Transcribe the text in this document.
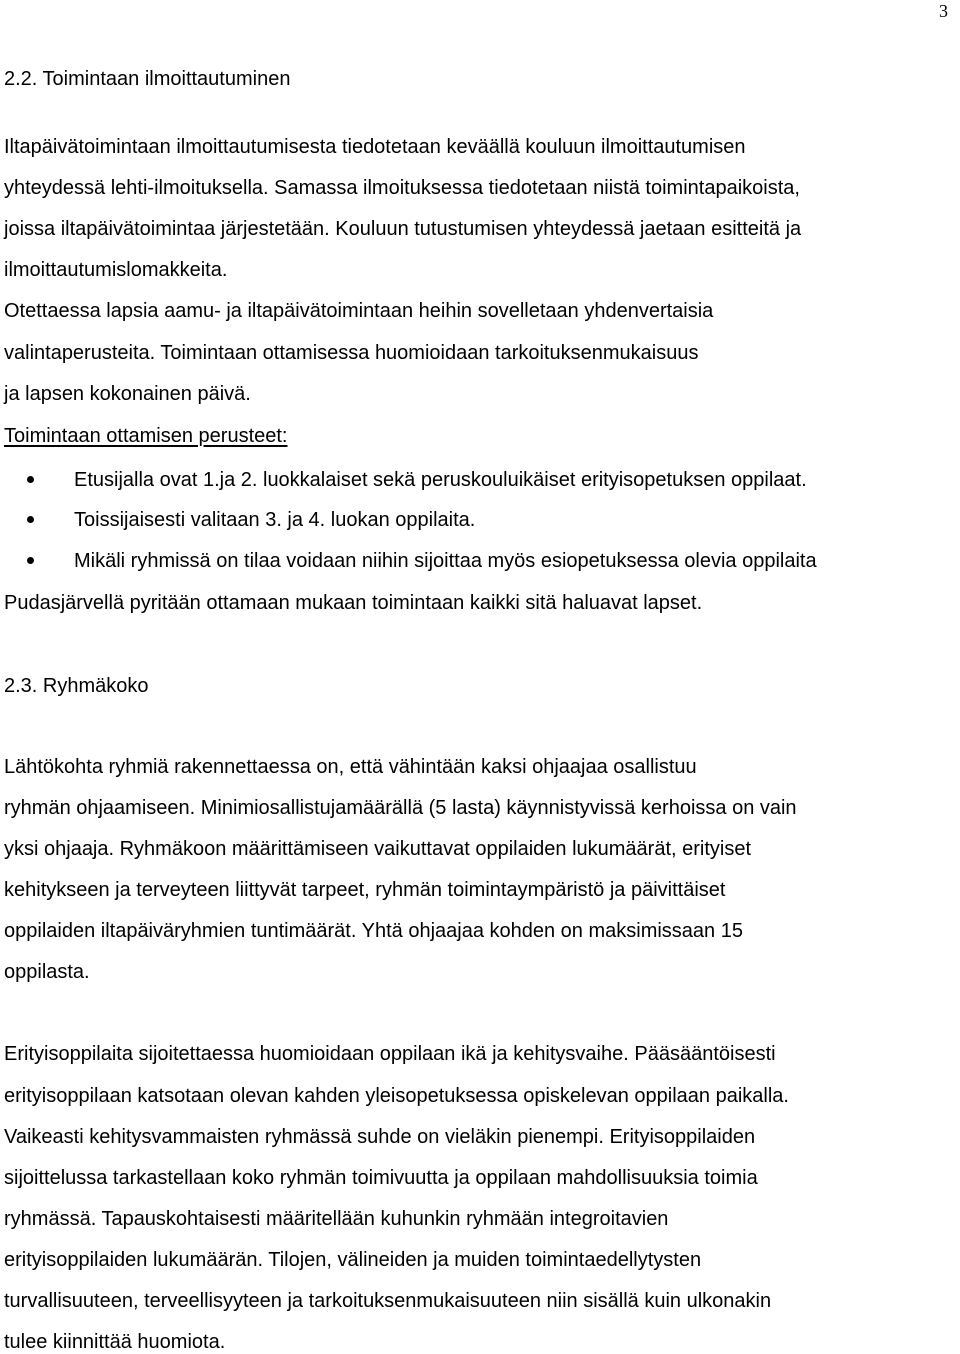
3
2.2. Toimintaan ilmoittautuminen
Iltapäivätoimintaan ilmoittautumisesta tiedotetaan keväällä kouluun ilmoittautumisen
yhteydessä lehti-ilmoituksella. Samassa ilmoituksessa tiedotetaan niistä toimintapaikoista,
joissa iltapäivätoimintaa järjestetään. Kouluun tutustumisen yhteydessä jaetaan esitteitä ja
ilmoittautumislomakkeita.
Otettaessa lapsia aamu- ja iltapäivätoimintaan heihin sovelletaan yhdenvertaisia
valintaperusteita. Toimintaan ottamisessa huomioidaan tarkoituksenmukaisuus
ja lapsen kokonainen päivä.
Toimintaan ottamisen perusteet:
Etusijalla ovat 1.ja 2. luokkalaiset sekä peruskouluikäiset erityisopetuksen oppilaat.
Toissijaisesti valitaan 3. ja 4. luokan oppilaita.
Mikäli ryhmissä on tilaa voidaan niihin sijoittaa myös esiopetuksessa olevia oppilaita
Pudasjärvellä pyritään ottamaan mukaan toimintaan kaikki sitä haluavat lapset.
2.3. Ryhmäkoko
Lähtökohta ryhmiä rakennettaessa on, että vähintään kaksi ohjaajaa osallistuu
ryhmän ohjaamiseen. Minimiosallistujamäärällä (5 lasta) käynnistyvissä kerhoissa on vain
yksi ohjaaja. Ryhmäkoon määrittämiseen vaikuttavat oppilaiden lukumäärät, erityiset
kehitykseen ja terveyteen liittyvät tarpeet, ryhmän toimintaympäristö ja päivittäiset
oppilaiden iltapäiväryhmien tuntimäärät. Yhtä ohjaajaa kohden on maksimissaan 15
oppilasta.
Erityisoppilaita sijoitettaessa huomioidaan oppilaan ikä ja kehitysvaihe. Pääsääntöisesti
erityisoppilaan katsotaan olevan kahden yleisopetuksessa opiskelevan oppilaan paikalla.
Vaikeasti kehitysvammaisten ryhmässä suhde on vieläkin pienempi. Erityisoppilaiden
sijoittelussa tarkastellaan koko ryhmän toimivuutta ja oppilaan mahdollisuuksia toimia
ryhmässä. Tapauskohtaisesti määritellään kuhunkin ryhmään integroitavien
erityisoppilaiden lukumäärän. Tilojen, välineiden ja muiden toimintaedellytysten
turvallisuuteen, terveellisyyteen ja tarkoituksenmukaisuuteen niin sisällä kuin ulkonakin
tulee kiinnittää huomiota.
